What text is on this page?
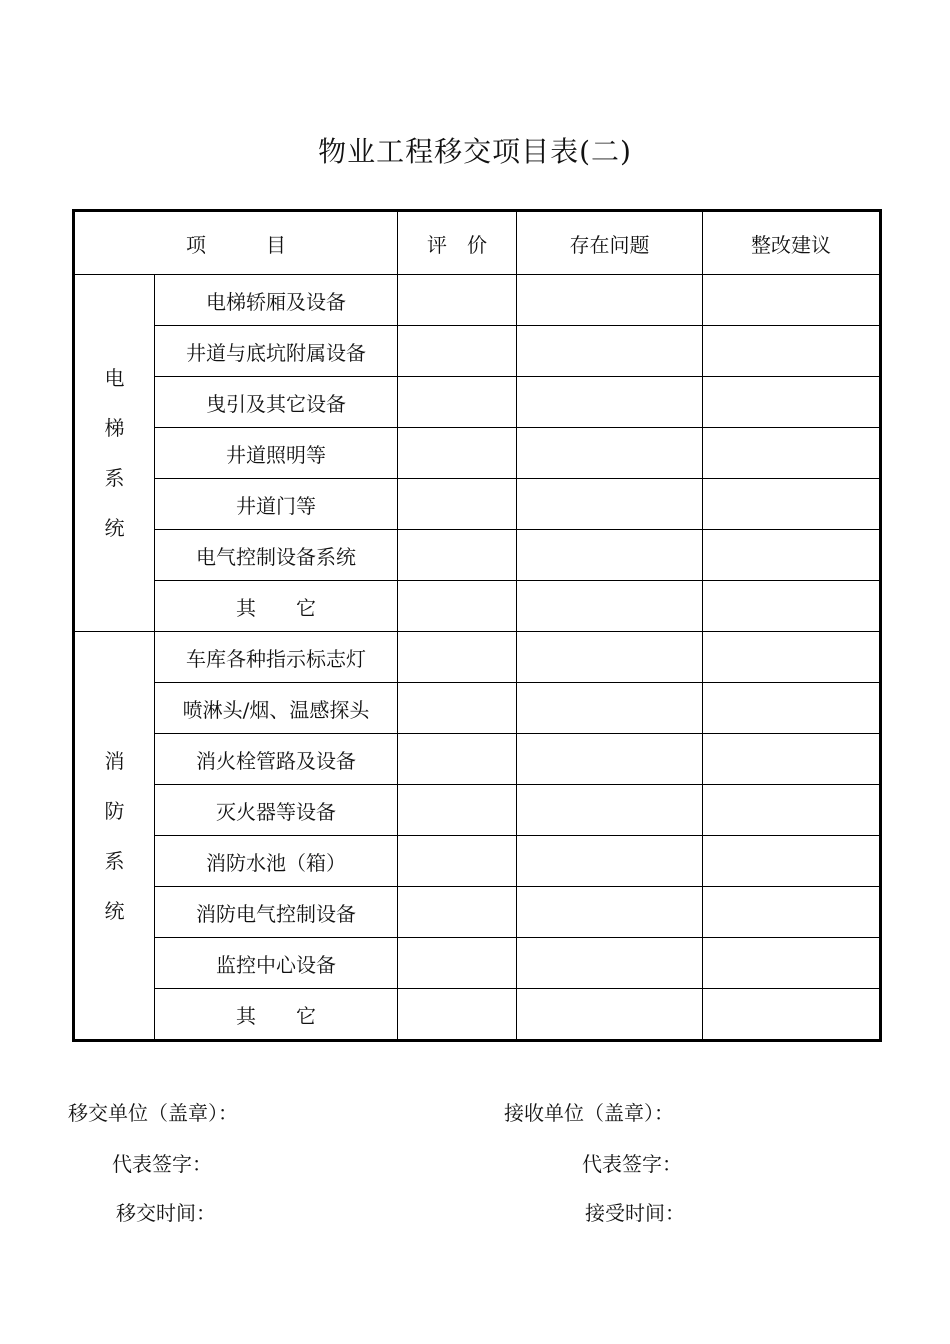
物业工程移交项目表(二)
项　　　目		评　价	存在问题	整改建议

电
梯
系
统	电梯轿厢及设备			
	井道与底坑附属设备			
	曳引及其它设备			
	井道照明等			
	井道门等			
	电气控制设备系统			
	其　　它			

消
防
系
统	车库各种指示标志灯			
	喷淋头/烟、温感探头			
	消火栓管路及设备			
	灭火器等设备			
	消防水池（箱）			
	消防电气控制设备			
	监控中心设备			
	其　　它			
移交单位（盖章）：	接收单位（盖章）：
代表签字：	代表签字：
移交时间：	接受时间：
